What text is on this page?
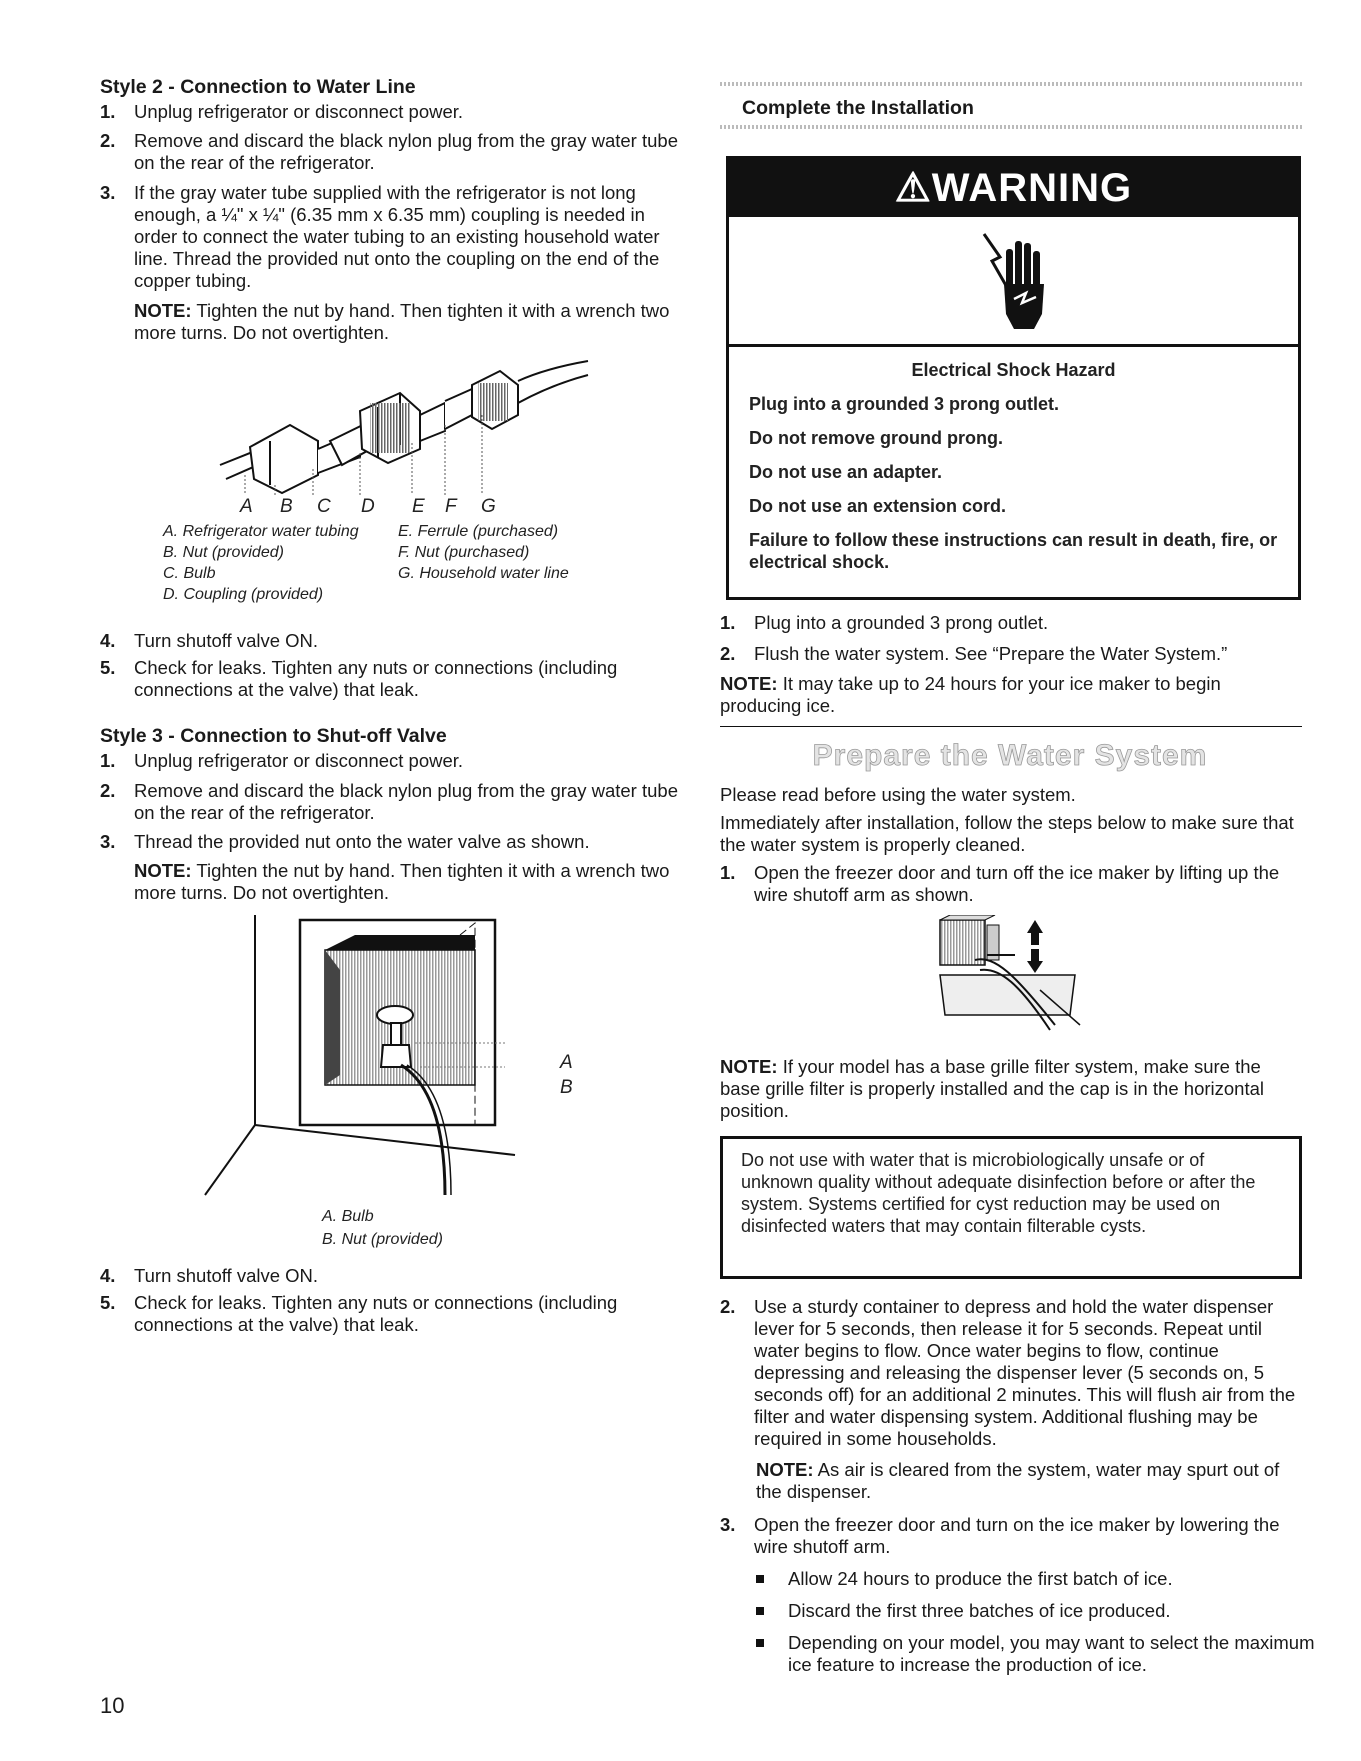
Style 2 - Connection to Water Line
1. Unplug refrigerator or disconnect power.
2. Remove and discard the black nylon plug from the gray water tube on the rear of the refrigerator.
3. If the gray water tube supplied with the refrigerator is not long enough, a ¼" x ¼" (6.35 mm x 6.35 mm) coupling is needed in order to connect the water tubing to an existing household water line. Thread the provided nut onto the coupling on the end of the copper tubing.
NOTE: Tighten the nut by hand. Then tighten it with a wrench two more turns. Do not overtighten.
A B C D E F G
A. Refrigerator water tubing
B. Nut (provided)
C. Bulb
D. Coupling (provided)
E. Ferrule (purchased)
F. Nut (purchased)
G. Household water line
4. Turn shutoff valve ON.
5. Check for leaks. Tighten any nuts or connections (including connections at the valve) that leak.
Style 3 - Connection to Shut-off Valve
1. Unplug refrigerator or disconnect power.
2. Remove and discard the black nylon plug from the gray water tube on the rear of the refrigerator.
3. Thread the provided nut onto the water valve as shown.
NOTE: Tighten the nut by hand. Then tighten it with a wrench two more turns. Do not overtighten.
A
B
A. Bulb
B. Nut (provided)
4. Turn shutoff valve ON.
5. Check for leaks. Tighten any nuts or connections (including connections at the valve) that leak.
Complete the Installation
⚠WARNING
Electrical Shock Hazard

Plug into a grounded 3 prong outlet.

Do not remove ground prong.

Do not use an adapter.

Do not use an extension cord.

Failure to follow these instructions can result in death, fire, or electrical shock.

1. Plug into a grounded 3 prong outlet.
2. Flush the water system. See “Prepare the Water System.”
NOTE: It may take up to 24 hours for your ice maker to begin producing ice.
Prepare the Water System
Please read before using the water system.
Immediately after installation, follow the steps below to make sure that the water system is properly cleaned.
1. Open the freezer door and turn off the ice maker by lifting up the wire shutoff arm as shown.
NOTE: If your model has a base grille filter system, make sure the base grille filter is properly installed and the cap is in the horizontal position.
Do not use with water that is microbiologically unsafe or of unknown quality without adequate disinfection before or after the system. Systems certified for cyst reduction may be used on disinfected waters that may contain filterable cysts.
2. Use a sturdy container to depress and hold the water dispenser lever for 5 seconds, then release it for 5 seconds. Repeat until water begins to flow. Once water begins to flow, continue depressing and releasing the dispenser lever (5 seconds on, 5 seconds off) for an additional 2 minutes. This will flush air from the filter and water dispensing system. Additional flushing may be required in some households.
NOTE: As air is cleared from the system, water may spurt out of the dispenser.
3. Open the freezer door and turn on the ice maker by lowering the wire shutoff arm.
Allow 24 hours to produce the first batch of ice.
Discard the first three batches of ice produced.
Depending on your model, you may want to select the maximum ice feature to increase the production of ice.
10
